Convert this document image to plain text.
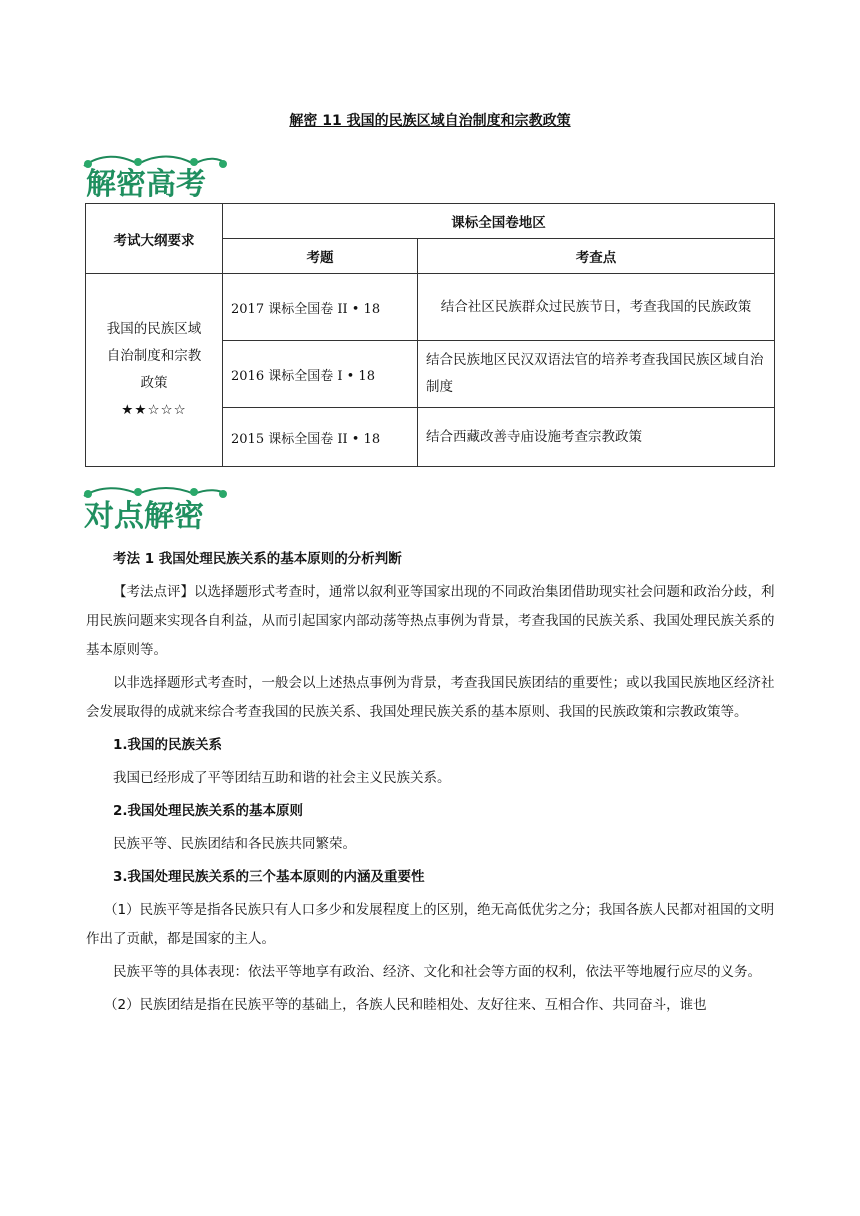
解密 11 我国的民族区域自治制度和宗教政策
解密高考
考试大纲要求	课标全国卷地区	
	考题	考查点

我国的民族区域
自治制度和宗教
政策
★★☆☆☆	2017 课标全国卷 II • 18	结合社区民族群众过民族节日，考查我国的民族政策
	2016 课标全国卷 I • 18	结合民族地区民汉双语法官的培养考查我国民族区域自治制度
	2015 课标全国卷 II • 18	结合西藏改善寺庙设施考查宗教政策
对点解密

考法 1 我国处理民族关系的基本原则的分析判断

【考法点评】以选择题形式考查时，通常以叙利亚等国家出现的不同政治集团借助现实社会问题和政治分歧，利用民族问题来实现各自利益，从而引起国家内部动荡等热点事例为背景，考查我国的民族关系、我国处理民族关系的基本原则等。

以非选择题形式考查时，一般会以上述热点事例为背景，考查我国民族团结的重要性；或以我国民族地区经济社会发展取得的成就来综合考查我国的民族关系、我国处理民族关系的基本原则、我国的民族政策和宗教政策等。

1.我国的民族关系

我国已经形成了平等团结互助和谐的社会主义民族关系。

2.我国处理民族关系的基本原则

民族平等、民族团结和各民族共同繁荣。

3.我国处理民族关系的三个基本原则的内涵及重要性

（1）民族平等是指各民族只有人口多少和发展程度上的区别，绝无高低优劣之分；我国各族人民都对祖国的文明作出了贡献，都是国家的主人。

民族平等的具体表现：依法平等地享有政治、经济、文化和社会等方面的权利，依法平等地履行应尽的义务。

（2）民族团结是指在民族平等的基础上，各族人民和睦相处、友好往来、互相合作、共同奋斗，谁也
